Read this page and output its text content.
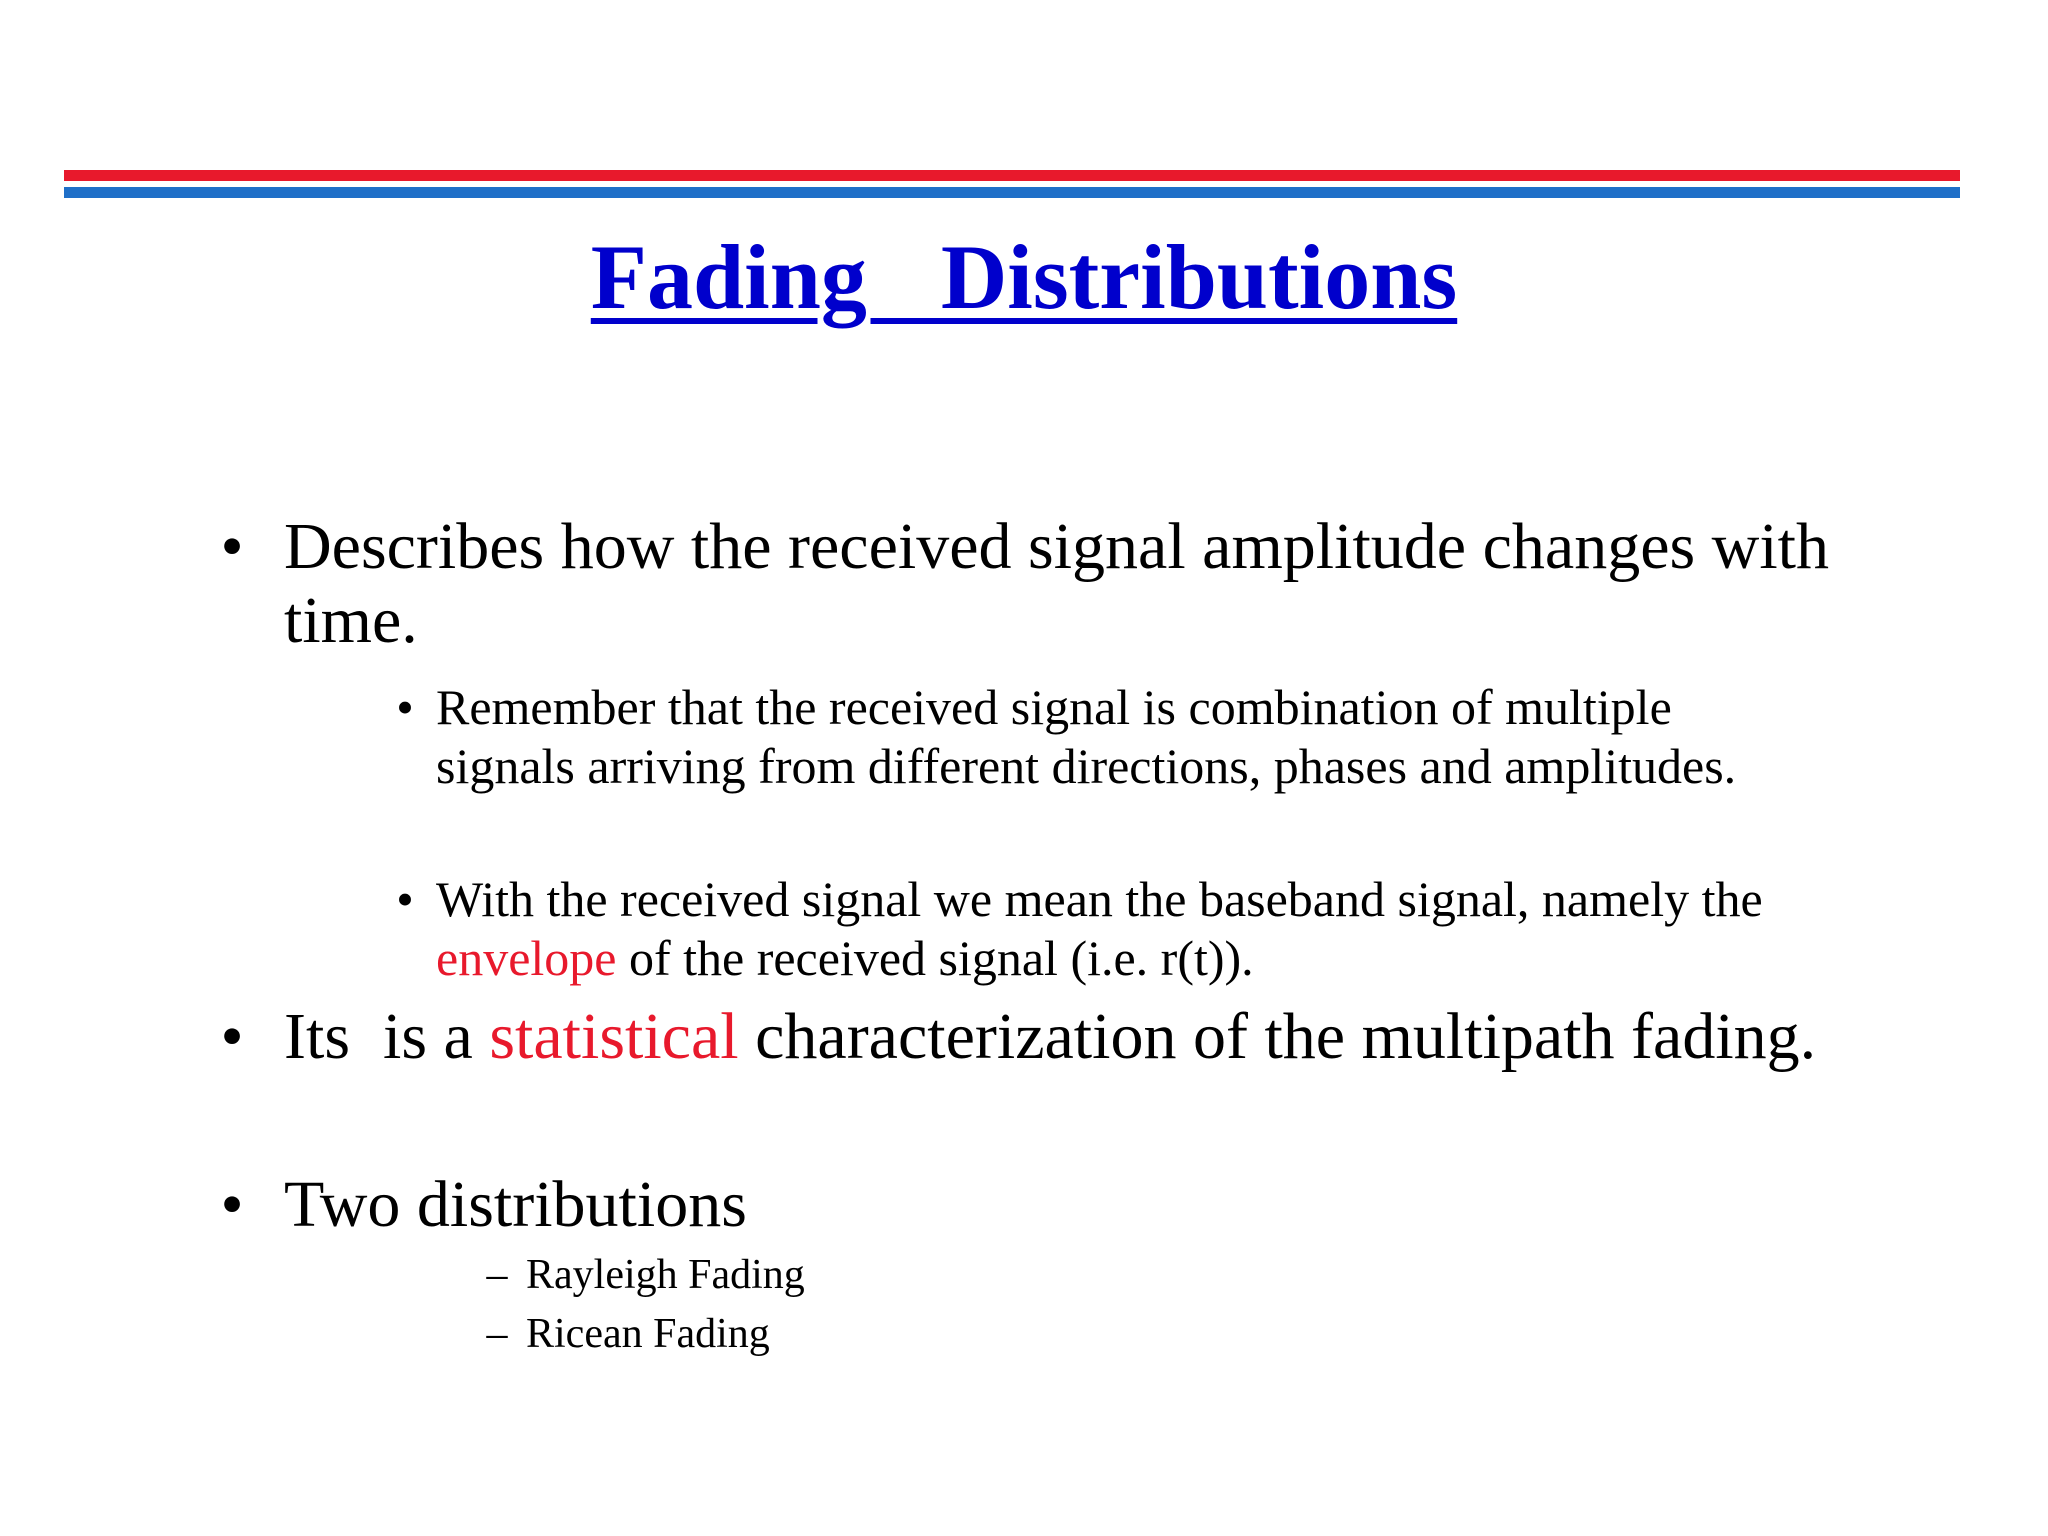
Fading  Distributions
• Describes how the received signal amplitude changes with time.
• Remember that the received signal is combination of multiple signals arriving from different directions, phases and amplitudes.
• With the received signal we mean the baseband signal, namely the envelope of the received signal (i.e. r(t)).
• Its  is a statistical characterization of the multipath fading.
• Two distributions
– Rayleigh Fading
– Ricean Fading
